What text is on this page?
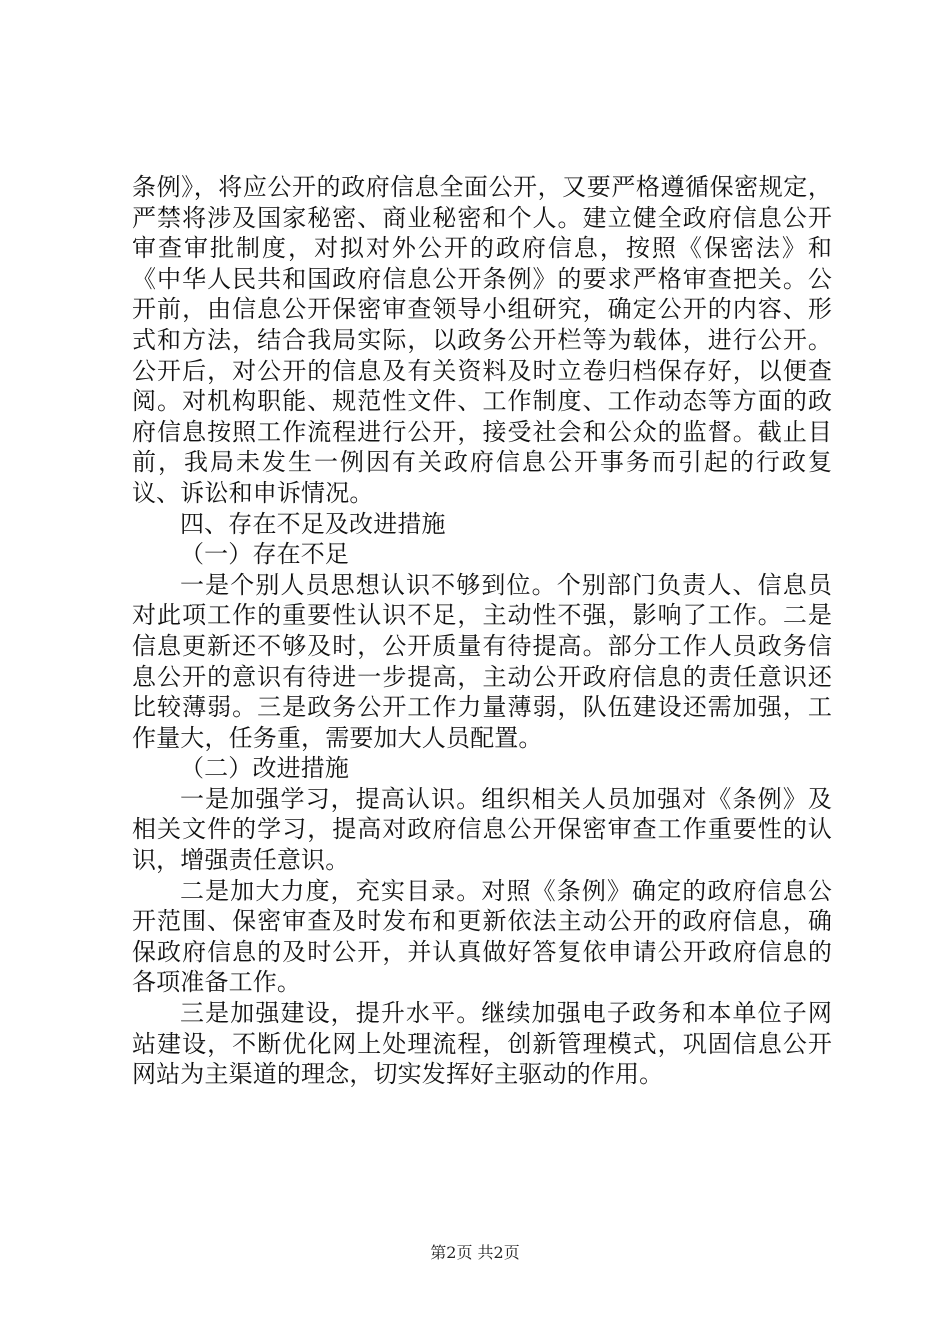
条例》，将应公开的政府信息全面公开，又要严格遵循保密规定，严禁将涉及国家秘密、商业秘密和个人。建立健全政府信息公开审查审批制度，对拟对外公开的政府信息，按照《保密法》和《中华人民共和国政府信息公开条例》的要求严格审查把关。公开前，由信息公开保密审查领导小组研究，确定公开的内容、形式和方法，结合我局实际，以政务公开栏等为载体，进行公开。公开后，对公开的信息及有关资料及时立卷归档保存好，以便查阅。对机构职能、规范性文件、工作制度、工作动态等方面的政府信息按照工作流程进行公开，接受社会和公众的监督。截止目前，我局未发生一例因有关政府信息公开事务而引起的行政复议、诉讼和申诉情况。

四、存在不足及改进措施

（一）存在不足

一是个别人员思想认识不够到位。个别部门负责人、信息员对此项工作的重要性认识不足，主动性不强，影响了工作。二是信息更新还不够及时，公开质量有待提高。部分工作人员政务信息公开的意识有待进一步提高，主动公开政府信息的责任意识还比较薄弱。三是政务公开工作力量薄弱，队伍建设还需加强，工作量大，任务重，需要加大人员配置。

（二）改进措施

一是加强学习，提高认识。组织相关人员加强对《条例》及相关文件的学习，提高对政府信息公开保密审查工作重要性的认识，增强责任意识。

二是加大力度，充实目录。对照《条例》确定的政府信息公开范围、保密审查及时发布和更新依法主动公开的政府信息，确保政府信息的及时公开，并认真做好答复依申请公开政府信息的各项准备工作。

三是加强建设，提升水平。继续加强电子政务和本单位子网站建设，不断优化网上处理流程，创新管理模式，巩固信息公开网站为主渠道的理念，切实发挥好主驱动的作用。

第2页 共2页
